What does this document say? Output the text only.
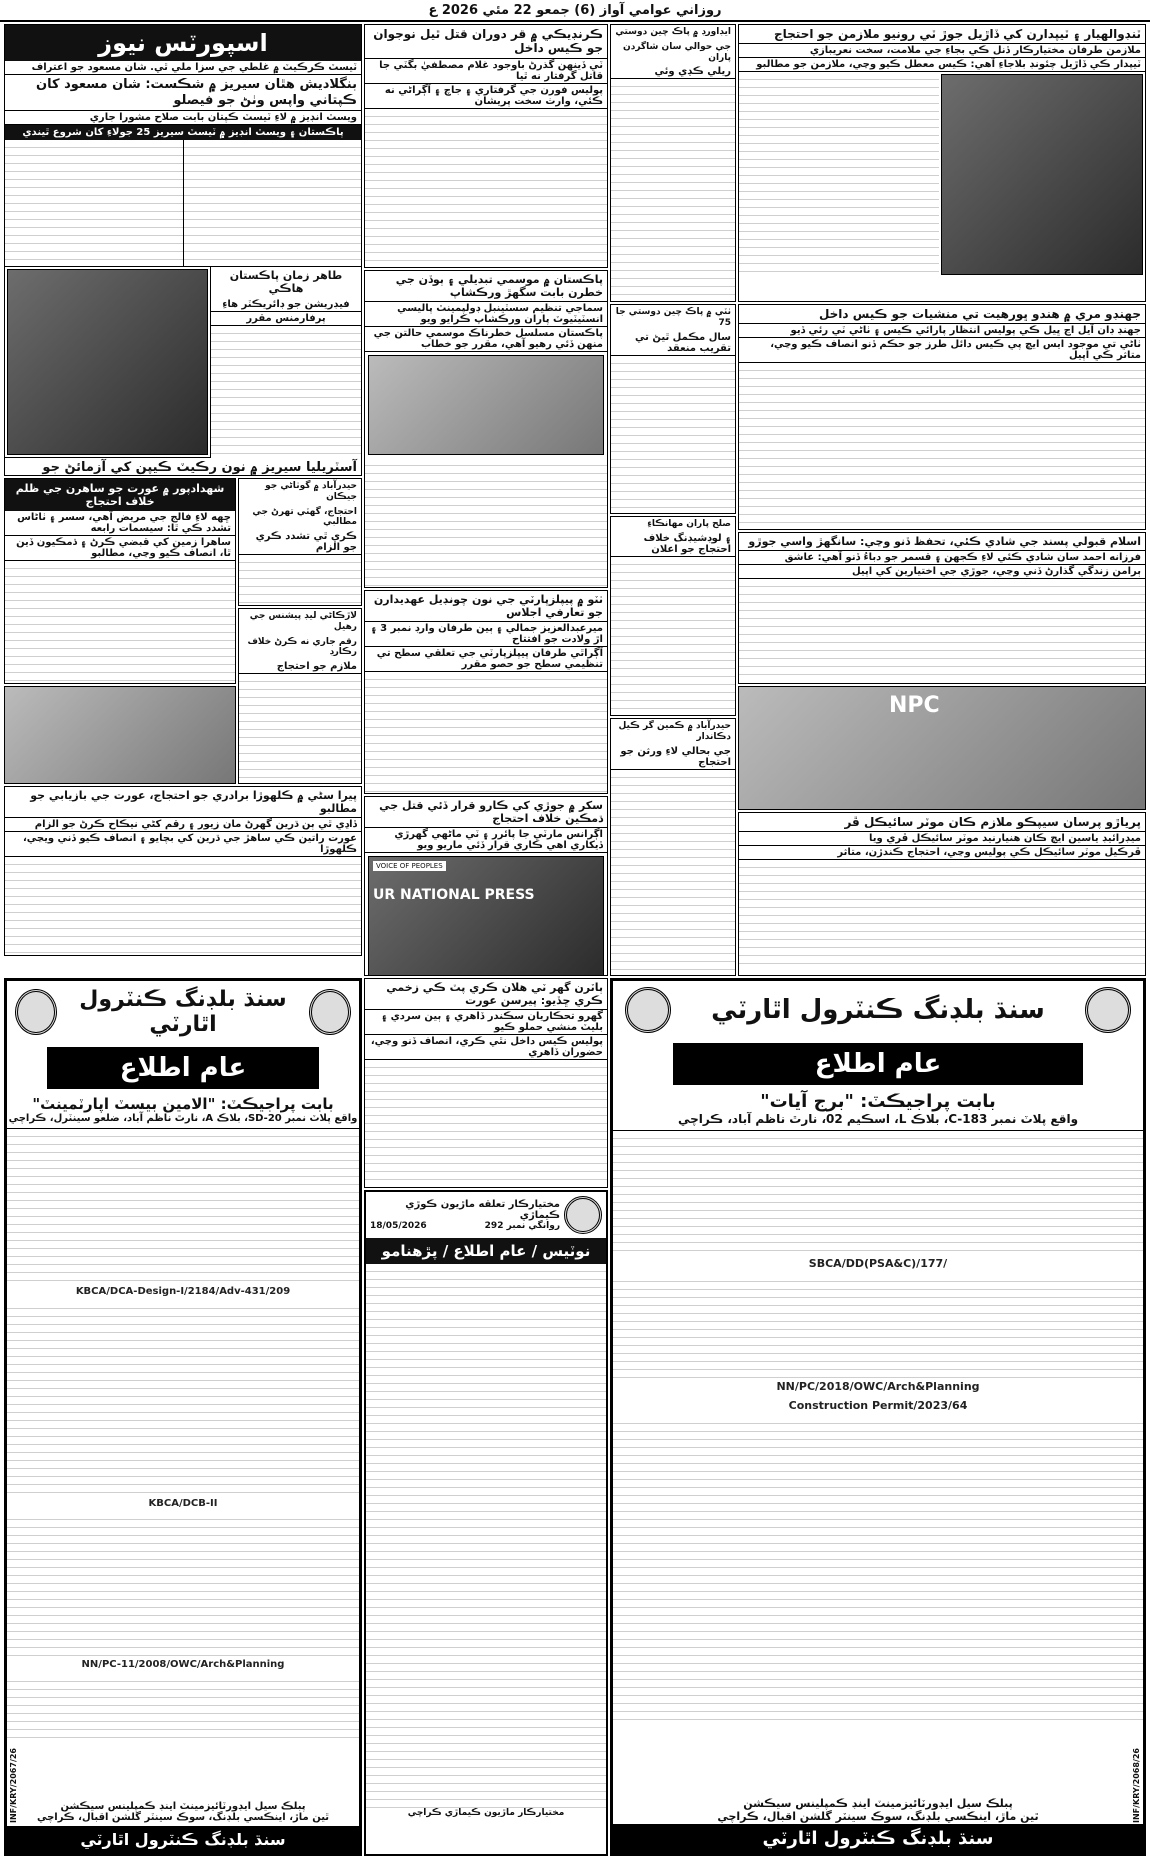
روزاني عوامي آواز (6) جمعو 22 مئي 2026 ع
اسپورٽس نيوز
ٽيسٽ ڪرڪيٽ ۾ غلطي جي سزا ملي ٿي. شان مسعود جو اعتراف
بنگلاديش هٿان سيريز ۾ شڪست: شان مسعود کان ڪپتاني واپس وٺڻ جو فيصلو
ويسٽ انڊيز ۾ لاءِ ٽيسٽ ڪپتان بابت صلاح مشورا جاري
پاڪستان ۽ ويسٽ انڊيز ۾ ٽيسٽ سيريز 25 جولاءِ کان شروع ٿيندي
طاهر زمان پاڪستان هاڪي
فيڊريشن جو ڊائريڪٽر هاءِ
پرفارمنس مقرر
آسٽريليا سيريز ۾ نون رڪيٽ ڪيپن کي آزمائڻ جو
شهدادپور ۾ عورت جو ساهرن جي ظلم خلاف احتجاج
ڇهه لاءِ فالج جي مريض آهي، سسر ۽ ٺاڻاس تشدد ڪي ٿا: سيسمات رابعه
ساهرا زمين کي قبضي ڪرڻ ۽ ڌمڪيون ڏين ٿا، انصاف ڪيو وڃي، مطالبو
پيرا سڻي ۾ ڪلهوڙا برادري جو احتجاج، عورت جي بازيابي جو مطالبو
ڏاڍي ٿي ٻن ڌرين گهرڻ مان زيور ۽ رقم کڻي نيڪاح ڪرڻ جو الزام
عورت راتين ڪي ساهڙ جي ڌرين کي بچايو ۽ انصاف ڪيو ڏني ويڃي، ڪلهوڙا
حيدرآباد ۾ گوٺاڻي جو جيڪان
احتجاج، گهٽي تهرڻ جي مطالبي
ڪري ٿي تشدد ڪري جو الزام
لاڙڪاڻي ليڊ پيشنس جي رهيل
رقم جاري نه ڪرڻ خلاف رڪارڊ
ملازم جو احتجاج
ڪرنڊيڪي ۾ قر دوران قتل ٿيل نوجوان جو ڪيس داخل
ٽي ڏينهن گذرڻ باوجود غلام مصطفيٰ بگٽي جا قاتل گرفتار نه ٿيا
پوليس فورن جي گرفتاري ۽ جاچ ۽ آڳراڻي نه ڪئي، وارث سخت پريشان
پاڪستان ۾ موسمي تبديلي ۽ ٻوڏن جي خطرن بابت سگهڙ ورڪشاپ
سماجي تنظيم سسٽينبل ڊولپمينٽ پاليسي انسٽيٽيوٽ پاران ورڪشاپ ڪرايو ويو
پاڪستان مسلسل خطرناڪ موسمي حالتن جي منهن ڏئي رهيو آهي، مقرر جو خطاب
ٺٽو ۾ پيپلزپارٽي جي نون چونڊيل عهديدارن جو تعارفي اجلاس
ميرعبدالعزيز جمالي ۽ ٻين طرفان وارڊ نمبر 3 ۽ اڙ ولادت جو افتتاح
آڳراٿي طرفان پيپلزپارٽي جي تعلقي سطح تي تنظيمي سطح جو حصو مقرر
سکر ۾ جوڙي کي ڪارو قرار ڏئي قتل جي ڌمڪين خلاف احتجاج
اڳرانس مارٽي جا پائرر ۽ ٽي ماڻهي گهرڙي ڏيکاري اهي ڪاري قرار ڏئي ماريو ويو
VOICE OF PEOPLES
UR NATIONAL PRESS
ايڊاورڊ ۾ پاڪ چين دوستي
جي حوالي سان شاگردن پاران
ريلي ڪڍي وئي
ٺٽي ۾ پاڪ چين دوستي جا 75
سال مڪمل ٿيڻ تي تقريب منعقد
صلح پاران مهانڪاءِ
۽ لوڊشيڊنگ خلاف احتجاج جو اعلان
حيدرآباد ۾ ڪمين گر ڪيل دڪاندار
جي بحالي لاءِ ورثن جو احتجاج
ٽنڊوالهيار ۽ ٽيپدارن کي ڏاڙيل جوڙ ٽي رونيو ملازمن جو احتجاج
ملازمن طرفان مختيارڪار ڏنل ڪي بجاءِ جي ملامت، سخت نعريبازي
ٽيپدار ڪي ڏاڙيل چئونڊ بلاجاءِ آهي: ڪيس معطل ڪيو وڃي، ملازمن جو مطالبو
جهنڊو مري ۾ هندو ڀورهيت تي منشيات جو ڪيس داخل
جهنڊ ڊان آيل اڃ ڀيل ڪي پوليس انتظار پارائي ڪيس ۽ ٺاڻي ٽي رئي ڏيو
ٺاڻي تي موجود ايس ايڇ پي ڪيس دائل طرز جو حڪم ڏنو انصاف ڪيو وڃي، متاثر ڪي اپيل
اسلام قبولي پسند جي شادي ڪئي، تحفظ ڏنو وڃي: سانگهڙ واسي جوڙو
فرزانه احمد سان شادي ڪئي لاءِ ڪجهن ۽ قسمر جو دباءُ ڏنو آهي: عاشق
ٻرامن زندگي گذارڻ ڏني وڃي، جوڙي جي اختيارين کي اپيل
NPC
پرياڙو پرسان سيپڪو ملازم ڪان موٽر سائيڪل ڦر
ميڊرائيڊ ياسين ايچ ڪان هنيارنيد موٽر سائيڪل ڦري ويا
ڦرڪيل موٽر سائيڪل ڪي پوليس وڃي، احتجاج ڪندڙن، متاثر
سنڌ بلڊنگ ڪنٽرول اٿارٽي
عام اطلاع
بابت پراجيڪٽ: "الامين بيسٽ اپارٽمينٽ"
واقع پلاٽ نمبر SD-20، بلاڪ A، نارٿ ناظم آباد، ضلعو سينٽرل، ڪراچي
KBCA/DCA-Design-I/2184/Adv-431/209
KBCA/DCB-II
NN/PC-11/2008/OWC/Arch&Planning
سنڌ بلڊنگ ڪنٽرول اٿارٽي
پبلڪ سيل ايڊورٽائيزمينٽ اينڊ ڪمپلينس سيڪشن
ٿين ماڙ، اينڪسي بلڊنگ، سوڪ سينٽر گلشن اقبال، ڪراچي
INF/KRY/2067/26
ٻاٽرن گهر ٽي هلان ڪري پٽ ڪي زخمي ڪري ڇڏيو: پيرسن عورت
گهرو تحڪاريان سڪندر ڏاهري ۽ ٻين سردي ۽ بليٽ منشي حملو ڪيو
پوليس ڪيس داخل نٿي ڪري، انصاف ڏنو وڃي، حضوران ڏاهري
مختيارڪار تعلقه ماڙيون ڪوڙي ڪيماڙي
روانگي نمبر 292
18/05/2026
نوٽيس / عام اطلاع / پڙهنامو
مختيارڪار ماڙيون ڪيماڙي ڪراچي
سنڌ بلڊنگ ڪنٽرول اٿارٽي
عام اطلاع
بابت پراجيڪٽ: "برج آيات"
واقع پلاٽ نمبر C-183، بلاڪ L، اسڪيم 02، نارٿ ناظم آباد، ڪراچي
SBCA/DD(PSA&C)/177/
NN/PC/2018/OWC/Arch&Planning
Construction Permit/2023/64
پبلڪ سيل ايڊورٽائيزمينٽ اينڊ ڪمپلينس سيڪشن
ٿين ماڙ، اينڪسي بلڊنگ، سوڪ سينٽر گلشن اقبال، ڪراچي
سنڌ بلڊنگ ڪنٽرول اٿارٽي
INF/KRY/2068/26
